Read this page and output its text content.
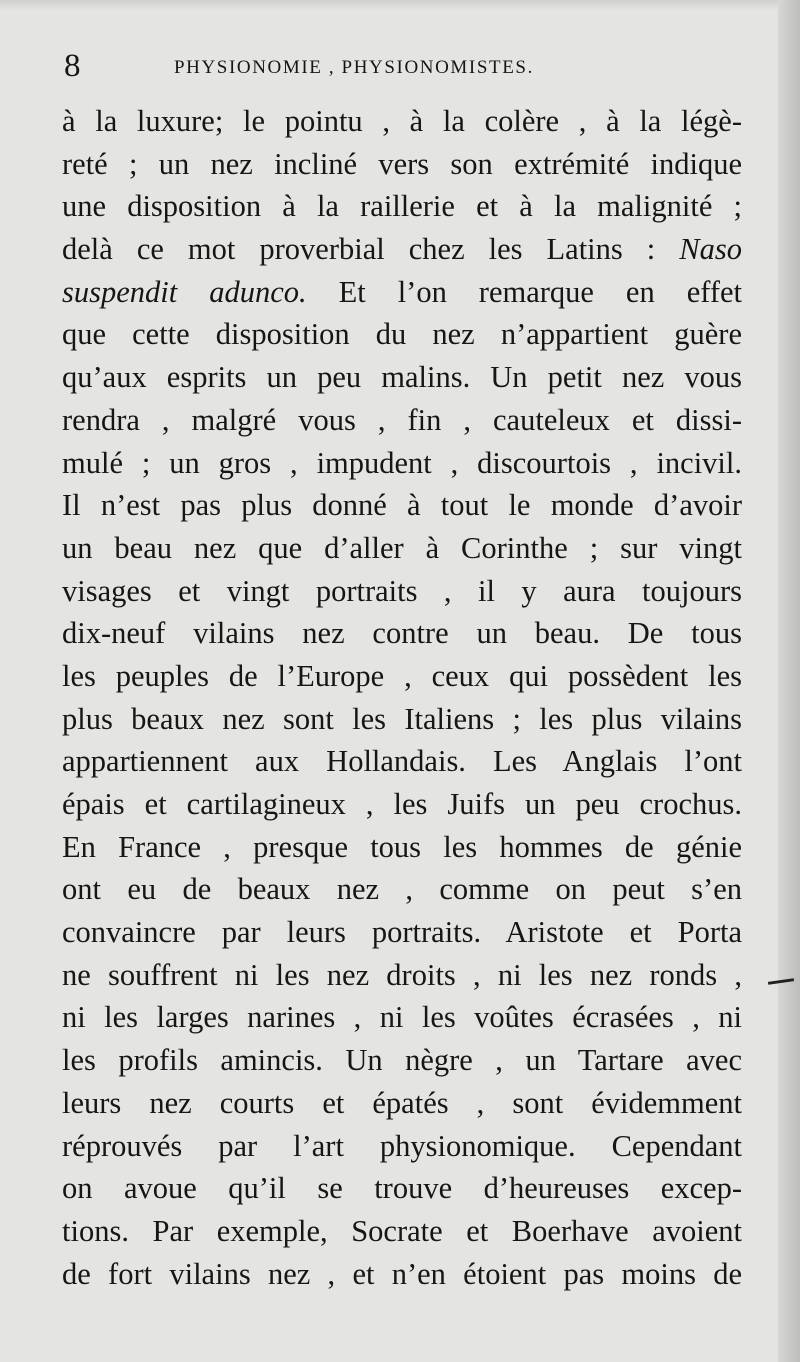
8	PHYSIONOMIE , PHYSIONOMISTES.
à la luxure; le pointu , à la colère , à la légè-
reté ; un nez incliné vers son extrémité indique
une disposition à la raillerie et à la malignité ;
delà ce mot proverbial chez les Latins : Naso
suspendit adunco. Et l’on remarque en effet
que cette disposition du nez n’appartient guère
qu’aux esprits un peu malins. Un petit nez vous
rendra , malgré vous , fin , cauteleux et dissi-
mulé ; un gros , impudent , discourtois , incivil.
Il n’est pas plus donné à tout le monde d’avoir
un beau nez que d’aller à Corinthe ; sur vingt
visages et vingt portraits , il y aura toujours
dix-neuf vilains nez contre un beau. De tous
les peuples de l’Europe , ceux qui possèdent les
plus beaux nez sont les Italiens ; les plus vilains
appartiennent aux Hollandais. Les Anglais l’ont
épais et cartilagineux , les Juifs un peu crochus.
En France , presque tous les hommes de génie
ont eu de beaux nez , comme on peut s’en
convaincre par leurs portraits. Aristote et Porta
ne souffrent ni les nez droits , ni les nez ronds ,
ni les larges narines , ni les voûtes écrasées , ni
les profils amincis. Un nègre , un Tartare avec
leurs nez courts et épatés , sont évidemment
réprouvés par l’art physionomique. Cependant
on avoue qu’il se trouve d’heureuses excep-
tions. Par exemple, Socrate et Boerhave avoient
de fort vilains nez , et n’en étoient pas moins de
